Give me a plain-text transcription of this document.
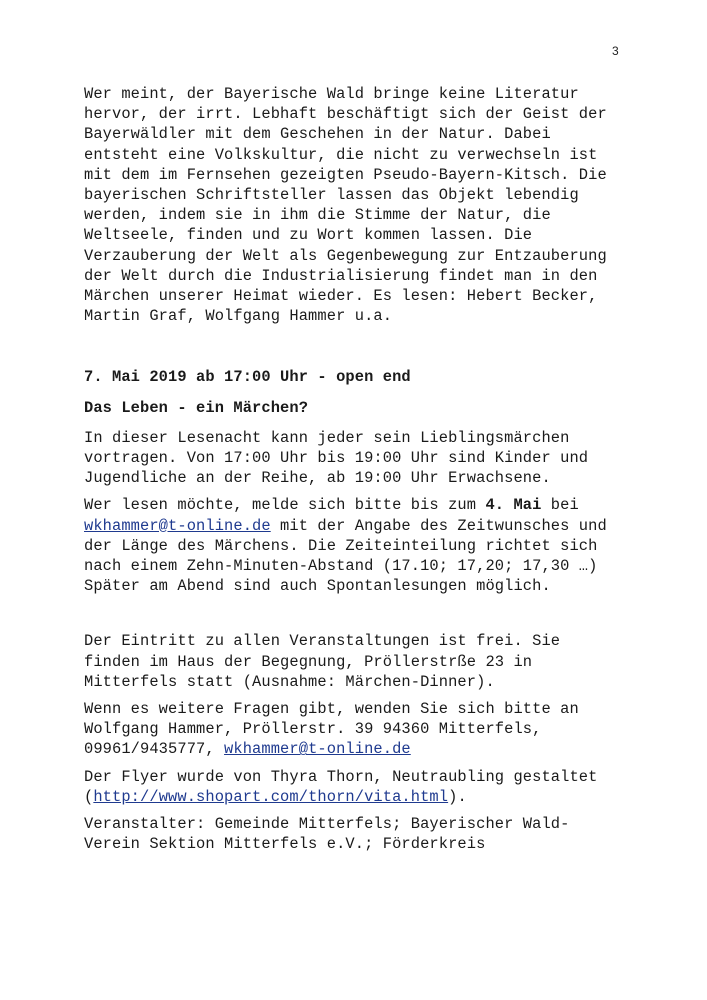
3

Wer meint, der Bayerische Wald bringe keine Literatur hervor, der irrt. Lebhaft beschäftigt sich der Geist der Bayerwäldler mit dem Geschehen in der Natur. Dabei entsteht eine Volkskultur, die nicht zu verwechseln ist mit dem im Fernsehen gezeigten Pseudo-Bayern-Kitsch. Die bayerischen Schriftsteller lassen das Objekt lebendig werden, indem sie in ihm die Stimme der Natur, die Weltseele, finden und zu Wort kommen lassen. Die Verzauberung der Welt als Gegenbewegung zur Entzauberung der Welt durch die Industrialisierung findet man in den Märchen unserer Heimat wieder. Es lesen: Hebert Becker, Martin Graf, Wolfgang Hammer u.a.

7. Mai 2019 ab 17:00 Uhr - open end
Das Leben - ein Märchen?

In dieser Lesenacht kann jeder sein Lieblingsmärchen vortragen. Von 17:00 Uhr bis 19:00 Uhr sind Kinder und Jugendliche an der Reihe, ab 19:00 Uhr Erwachsene.

Wer lesen möchte, melde sich bitte bis zum 4. Mai bei
wkhammer@t-online.de mit der Angabe des Zeitwunsches und der Länge des Märchens. Die Zeiteinteilung richtet sich nach einem Zehn-Minuten-Abstand (17.10; 17,20; 17,30 …) Später am Abend sind auch Spontanlesungen möglich.

Der Eintritt zu allen Veranstaltungen ist frei. Sie finden im Haus der Begegnung, Pröllerstrße 23 in Mitterfels statt (Ausnahme: Märchen-Dinner).

Wenn es weitere Fragen gibt, wenden Sie sich bitte an Wolfgang Hammer, Pröllerstr. 39 94360 Mitterfels, 09961/9435777, wkhammer@t-online.de

Der Flyer wurde von Thyra Thorn, Neutraubling gestaltet (http://www.shopart.com/thorn/vita.html).

Veranstalter: Gemeinde Mitterfels; Bayerischer Wald-Verein Sektion Mitterfels e.V.; Förderkreis
